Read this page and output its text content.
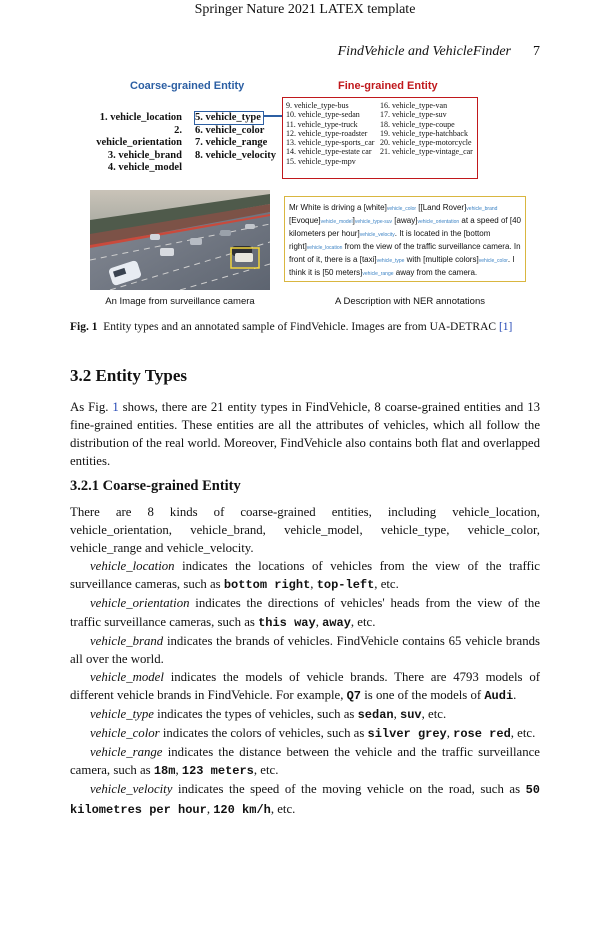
Springer Nature 2021 LATEX template
FindVehicle and VehicleFinder 7
Coarse-grained Entity	Fine-grained Entity
1. vehicle_location
2. vehicle_orientation
3. vehicle_brand
4. vehicle_model
5. vehicle_type
6. vehicle_color
7. vehicle_range
8. vehicle_velocity
9. vehicle_type-bus
10. vehicle_type-sedan
11. vehicle_type-truck
12. vehicle_type-roadster
13. vehicle_type-sports_car
14. vehicle_type-estate car
15. vehicle_type-mpv
16. vehicle_type-van
17. vehicle_type-suv
18. vehicle_type-coupe
19. vehicle_type-hatchback
20. vehicle_type-motorcycle
21. vehicle_type-vintage_car
An Image from surveillance camera
Mr White is driving a [white]vehicle_color [[Land Rover]vehicle_brand [Evoque]vehicle_model]vehicle_type-suv [away]vehicle_orientation at a speed of [40 kilometers per hour]vehicle_velocity. It is located in the [bottom right]vehicle_location from the view of the traffic surveillance camera. In front of it, there is a [taxi]vehicle_type with [multiple colors]vehicle_color. I think it is [50 meters]vehicle_range away from the camera.
A Description with NER annotations
Fig. 1 Entity types and an annotated sample of FindVehicle. Images are from UA-DETRAC [1]
3.2 Entity Types
As Fig. 1 shows, there are 21 entity types in FindVehicle, 8 coarse-grained entities and 13 fine-grained entities. These entities are all the attributes of vehicles, which all follow the distribution of the real world. Moreover, FindVehicle also contains both flat and overlapped entities.
3.2.1 Coarse-grained Entity

There are 8 kinds of coarse-grained entities, including vehicle_location, vehicle_orientation, vehicle_brand, vehicle_model, vehicle_type, vehicle_color, vehicle_range and vehicle_velocity.

vehicle_location indicates the locations of vehicles from the view of the traffic surveillance cameras, such as bottom right, top-left, etc.

vehicle_orientation indicates the directions of vehicles' heads from the view of the traffic surveillance cameras, such as this way, away, etc.

vehicle_brand indicates the brands of vehicles. FindVehicle contains 65 vehicle brands all over the world.

vehicle_model indicates the models of vehicle brands. There are 4793 models of different vehicle brands in FindVehicle. For example, Q7 is one of the models of Audi.

vehicle_type indicates the types of vehicles, such as sedan, suv, etc.

vehicle_color indicates the colors of vehicles, such as silver grey, rose red, etc.

vehicle_range indicates the distance between the vehicle and the traffic surveillance camera, such as 18m, 123 meters, etc.

vehicle_velocity indicates the speed of the moving vehicle on the road, such as 50 kilometres per hour, 120 km/h, etc.
